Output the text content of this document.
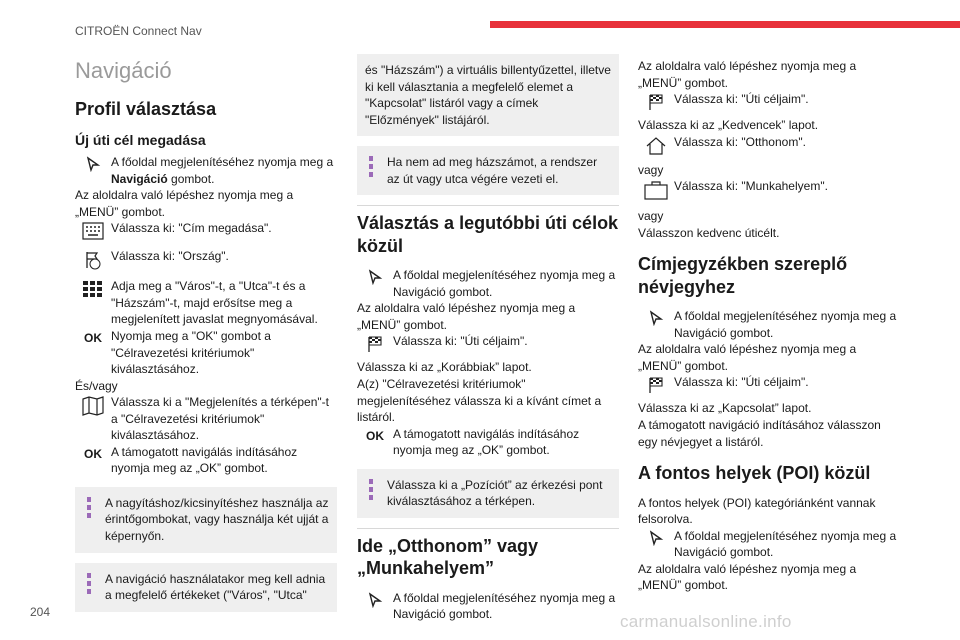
CITROËN Connect Nav
Navigáció
Profil választása
Új úti cél megadása
A főoldal megjelenítéséhez nyomja meg a Navigáció gombot.

Az aloldalra való lépéshez nyomja meg a „MENÜ” gombot.

Válassza ki: "Cím megadása".
Válassza ki: "Ország".
Adja meg a "Város"-t, a "Utca"-t és a "Házszám"-t, majd erősítse meg a megjelenített javaslat megnyomásával.
OK Nyomja meg a "OK" gombot a "Célravezetési kritériumok" kiválasztásához.

És/vagy

Válassza ki a "Megjelenítés a térképen"-t a "Célravezetési kritériumok" kiválasztásához.
OK A támogatott navigálás indításához nyomja meg az „OK” gombot.
A nagyításhoz/kicsinyítéshez használja az érintőgombokat, vagy használja két ujját a képernyőn.
A navigáció használatakor meg kell adnia a megfelelő értékeket ("Város", "Utca"
és "Házszám") a virtuális billentyűzettel, illetve ki kell választania a megfelelő elemet a "Kapcsolat" listáról vagy a címek "Előzmények" listájáról.
Ha nem ad meg házszámot, a rendszer az út vagy utca végére vezeti el.
Választás a legutóbbi úti célok közül
A főoldal megjelenítéséhez nyomja meg a Navigáció gombot.

Az aloldalra való lépéshez nyomja meg a „MENÜ” gombot.

Válassza ki: "Úti céljaim".

Válassza ki az „Korábbiak” lapot.

A(z) "Célravezetési kritériumok" megjelenítéséhez válassza ki a kívánt címet a listáról.

OK A támogatott navigálás indításához nyomja meg az „OK” gombot.
Válassza ki a „Pozíciót” az érkezési pont kiválasztásához a térképen.
Ide „Otthonom” vagy „Munkahelyem”
A főoldal megjelenítéséhez nyomja meg a Navigáció gombot.

Az aloldalra való lépéshez nyomja meg a „MENÜ” gombot.

Válassza ki: "Úti céljaim".

Válassza ki az „Kedvencek” lapot.

Válassza ki: "Otthonom".

vagy

Válassza ki: "Munkahelyem".

vagy

Válasszon kedvenc úticélt.

Címjegyzékben szereplő névjegyhez
A főoldal megjelenítéséhez nyomja meg a Navigáció gombot.

Az aloldalra való lépéshez nyomja meg a „MENÜ” gombot.

Válassza ki: "Úti céljaim".

Válassza ki az „Kapcsolat” lapot.

A támogatott navigáció indításához válasszon egy névjegyet a listáról.

A fontos helyek (POI) közül

A fontos helyek (POI) kategóriánként vannak felsorolva.

A főoldal megjelenítéséhez nyomja meg a Navigáció gombot.

Az aloldalra való lépéshez nyomja meg a „MENÜ” gombot.

204	carmanualsonline.info
